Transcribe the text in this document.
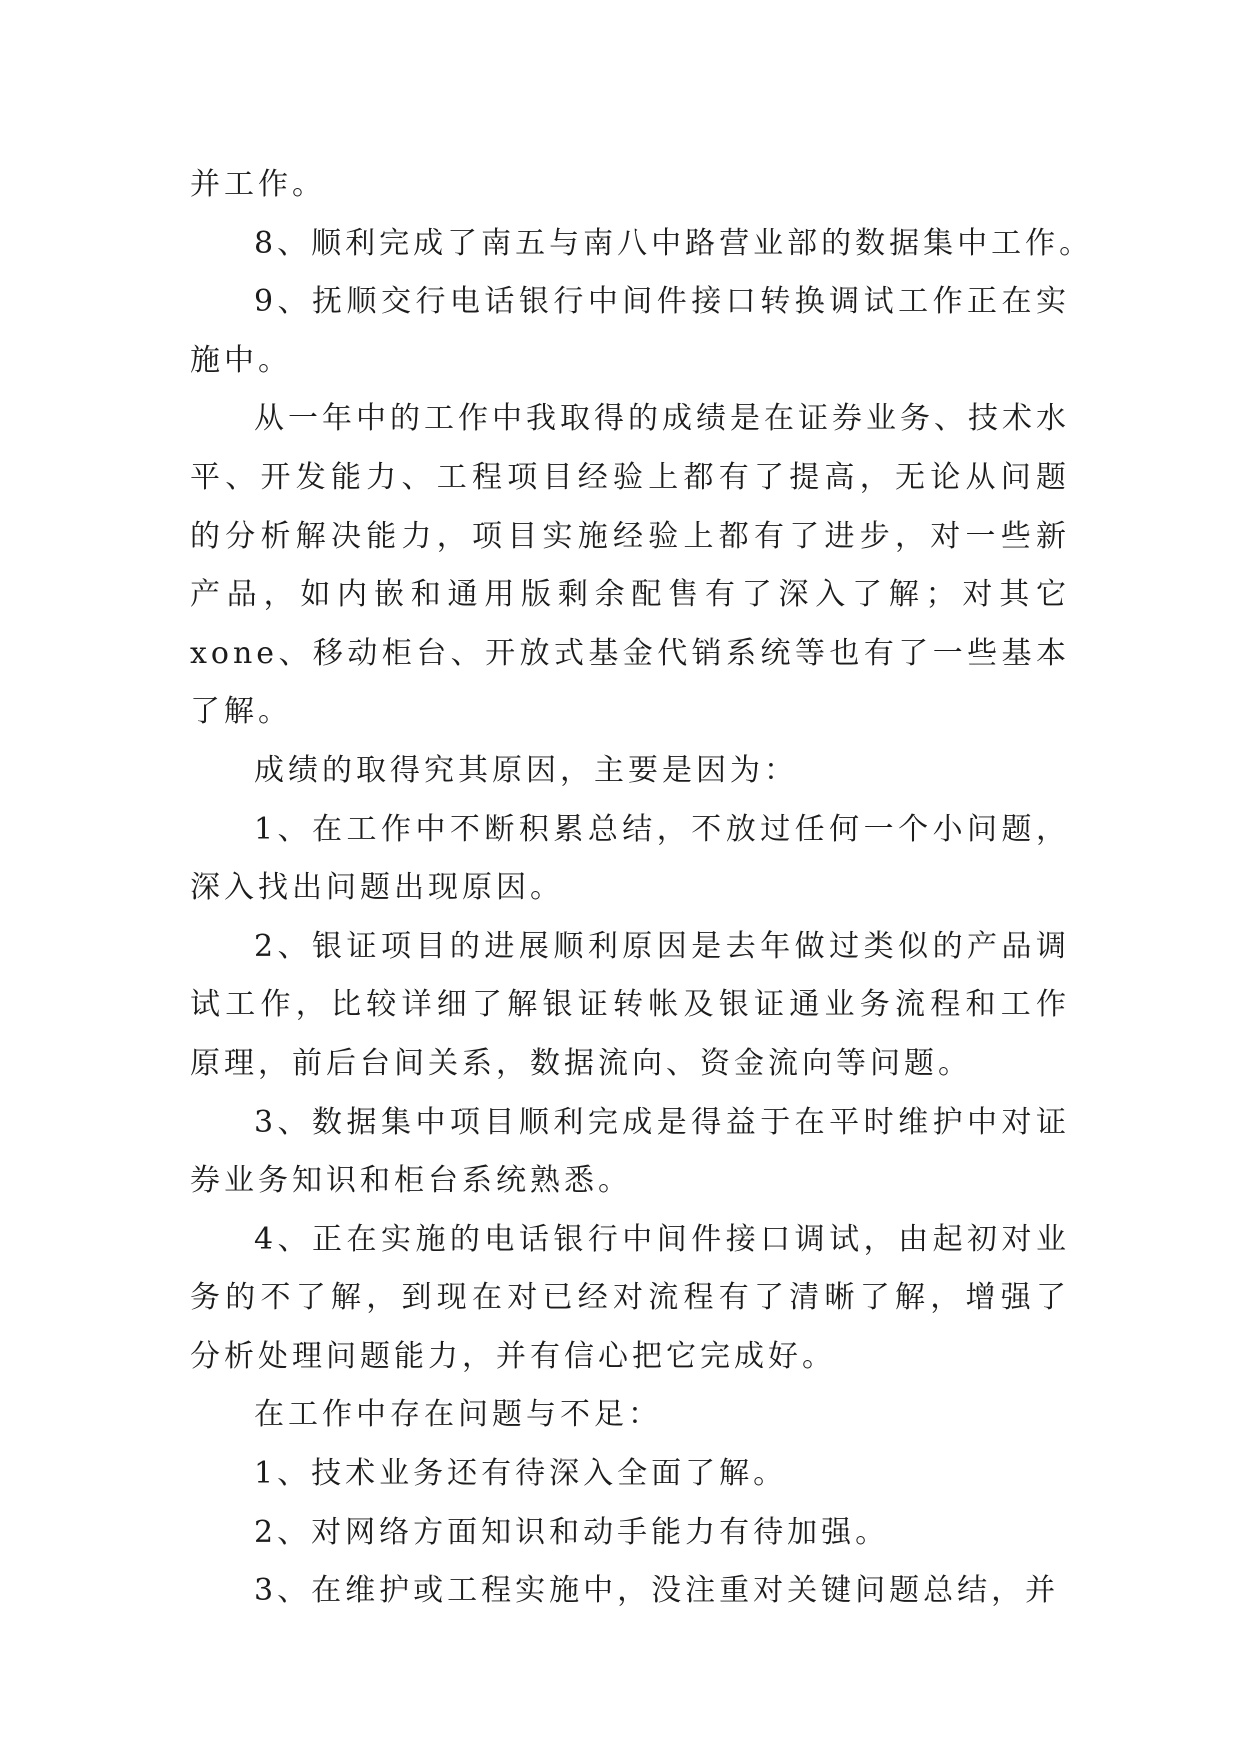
并工作。

8、顺利完成了南五与南八中路营业部的数据集中工作。

9、抚顺交行电话银行中间件接口转换调试工作正在实施中。

从一年中的工作中我取得的成绩是在证券业务、技术水平、开发能力、工程项目经验上都有了提高，无论从问题的分析解决能力，项目实施经验上都有了进步，对一些新产品，如内嵌和通用版剩余配售有了深入了解；对其它xone、移动柜台、开放式基金代销系统等也有了一些基本了解。

成绩的取得究其原因，主要是因为：

1、在工作中不断积累总结，不放过任何一个小问题，深入找出问题出现原因。

2、银证项目的进展顺利原因是去年做过类似的产品调试工作，比较详细了解银证转帐及银证通业务流程和工作原理，前后台间关系，数据流向、资金流向等问题。

3、数据集中项目顺利完成是得益于在平时维护中对证券业务知识和柜台系统熟悉。

4、正在实施的电话银行中间件接口调试，由起初对业务的不了解，到现在对已经对流程有了清晰了解，增强了分析处理问题能力，并有信心把它完成好。

在工作中存在问题与不足：

1、技术业务还有待深入全面了解。

2、对网络方面知识和动手能力有待加强。

3、在维护或工程实施中，没注重对关键问题总结，并
